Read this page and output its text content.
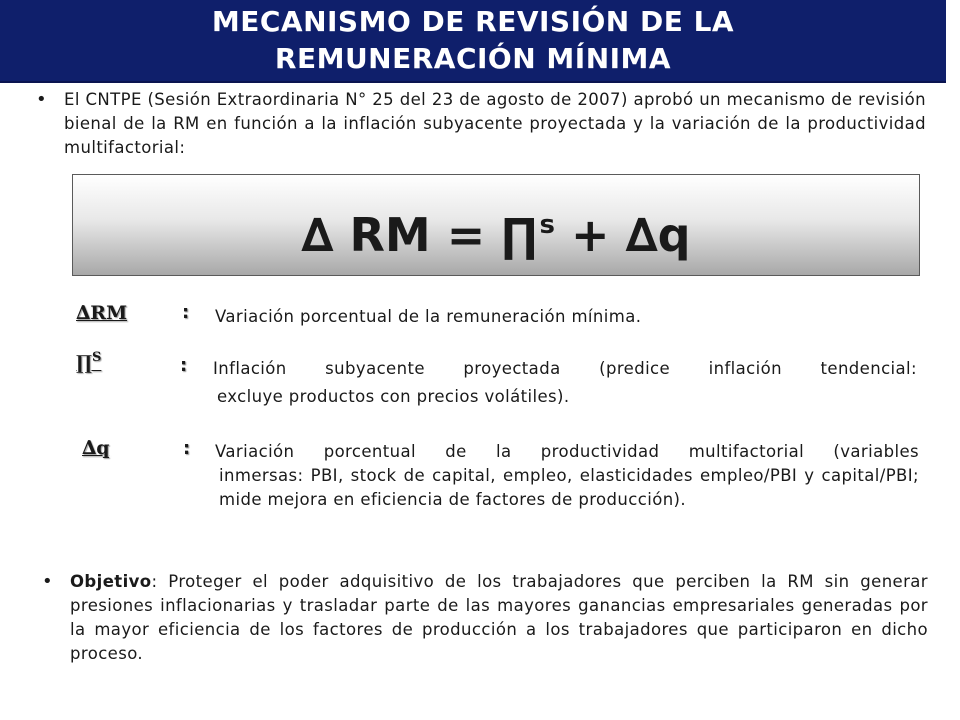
MECANISMO DE REVISIÓN DE LA
REMUNERACIÓN MÍNIMA
• El CNTPE (Sesión Extraordinaria N° 25 del 23 de agosto de 2007) aprobó un mecanismo de revisión bienal de la RM en función a la inflación subyacente proyectada y la variación de la productividad multifactorial:
∆ RM = ∏$^s$ + ∆q
∆RM	: Variación porcentual de la remuneración mínima.
∏$^S$	: Inflación subyacente proyectada (predice inflación tendencial:
excluye productos con precios volátiles).
∆q	: Variación porcentual de la productividad multifactorial (variables
inmersas: PBI, stock de capital, empleo, elasticidades empleo/PBI y capital/PBI; mide mejora en eficiencia de factores de producción).
• Objetivo: Proteger el poder adquisitivo de los trabajadores que perciben la RM sin generar presiones inflacionarias y trasladar parte de las mayores ganancias empresariales generadas por la mayor eficiencia de los factores de producción a los trabajadores que participaron en dicho proceso.
